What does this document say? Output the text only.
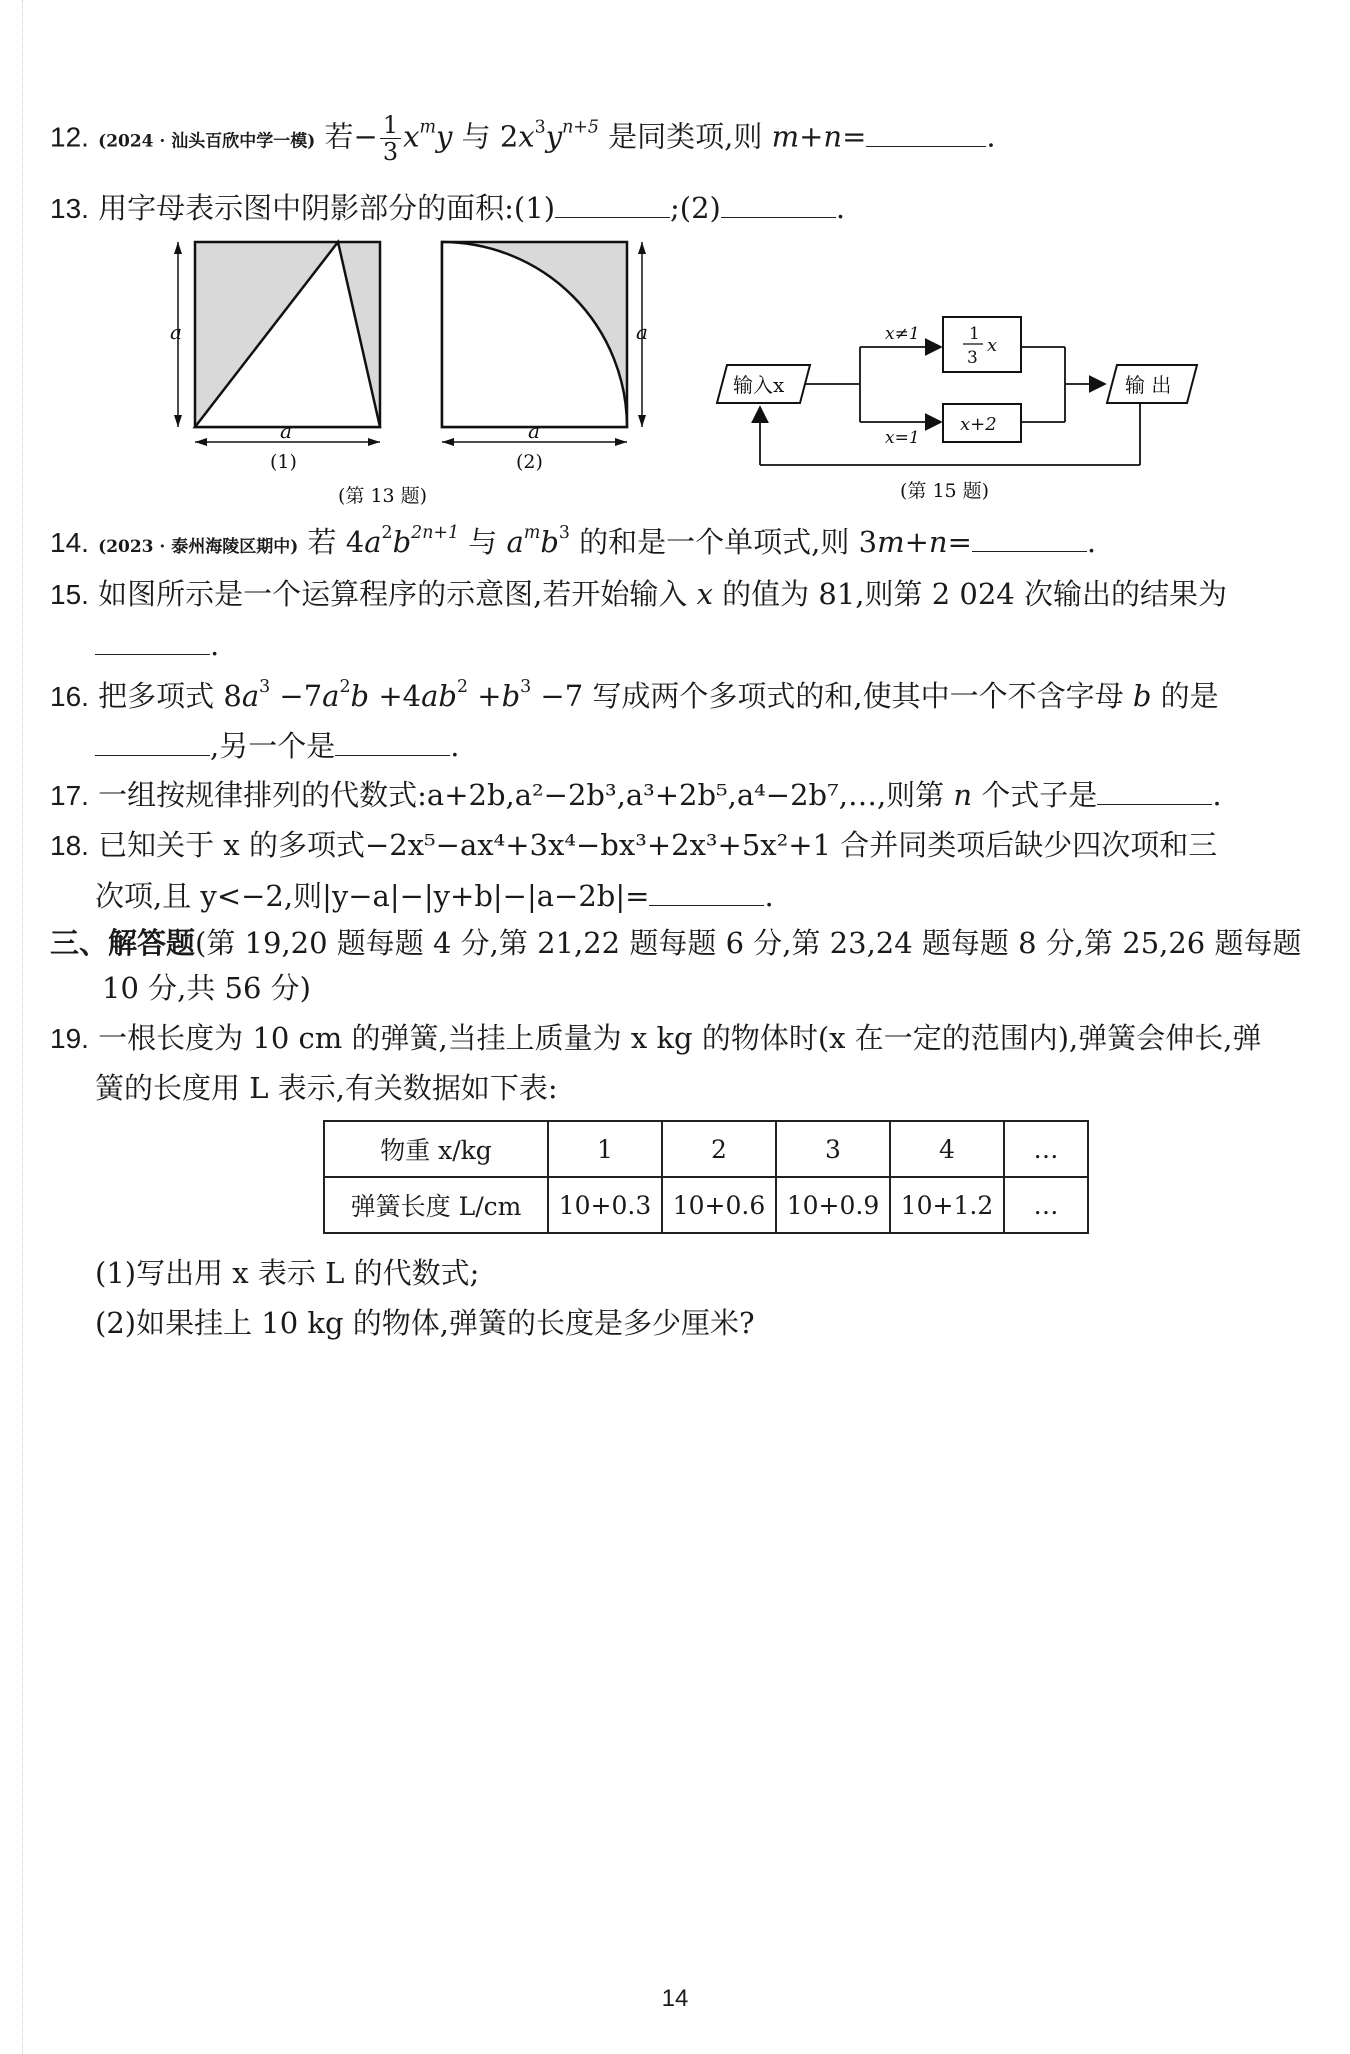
12. (2024 · 汕头百欣中学一模) 若− $\frac{1}{3} x^my$ 与 $2x^3y^{n+5}$ 是同类项,则 m+n=	.
13. 用字母表示图中阴影部分的面积:(1)	;(2)	.
a
a
(1)
a
a
(2)
(第 13 题)
输入x
x≠1
x=1
1
3
x
x+2
输 出
(第 15 题)
14. (2023 · 泰州海陵区期中) 若 $4a^2b^{2n+1}$ 与 $a^mb^3$ 的和是一个单项式,则 3m+n=	.
15. 如图所示是一个运算程序的示意图,若开始输入 x 的值为 81,则第 2 024 次输出的结果为
.
16. 把多项式 $8a^3 -7a^2b +4ab^2 +b^3 -7$ 写成两个多项式的和,使其中一个不含字母 b 的是
,另一个是	.
17. 一组按规律排列的代数式:a+2b,a²−2b³,a³+2b⁵,a⁴−2b⁷,…,则第 n 个式子是	.
18. 已知关于 x 的多项式−2x⁵−ax⁴+3x⁴−bx³+2x³+5x²+1 合并同类项后缺少四次项和三
次项,且 y<−2,则|y−a|−|y+b|−|a−2b|=	.
三、解答题(第 19,20 题每题 4 分,第 21,22 题每题 6 分,第 23,24 题每题 8 分,第 25,26 题每题
10 分,共 56 分)
19. 一根长度为 10 cm 的弹簧,当挂上质量为 x kg 的物体时(x 在一定的范围内),弹簧会伸长,弹
簧的长度用 L 表示,有关数据如下表:
物重 x/kg	1	2	3	4	…
弹簧长度 L/cm	10+0.3	10+0.6	10+0.9	10+1.2	…
(1)写出用 x 表示 L 的代数式;
(2)如果挂上 10 kg 的物体,弹簧的长度是多少厘米?
14
